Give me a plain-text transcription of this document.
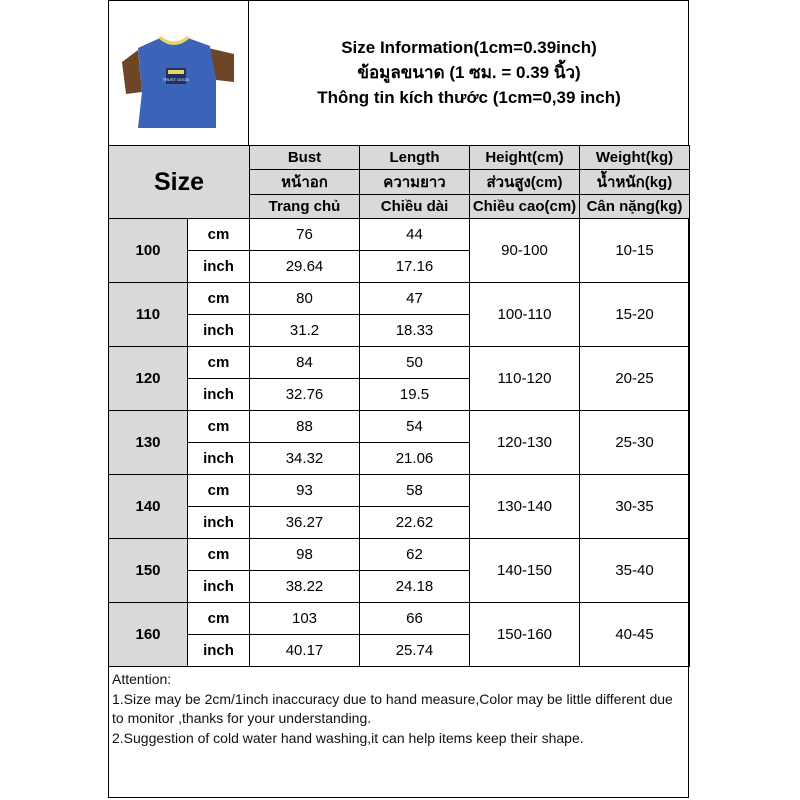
TRUST GOOD
Size Information(1cm=0.39inch)
ข้อมูลขนาด (1 ซม. = 0.39 นิ้ว)
Thông tin kích thước (1cm=0,39 inch)
Size		Bust	Length	Height(cm)	Weight(kg)
		หน้าอก	ความยาว	ส่วนสูง(cm)	น้ำหนัก(kg)
		Trang chủ	Chiều dài	Chiều cao(cm)	Cân nặng(kg)
100	cm	76	44	90-100	10-15
	inch	29.64	17.16		
110	cm	80	47	100-110	15-20
	inch	31.2	18.33		
120	cm	84	50	110-120	20-25
	inch	32.76	19.5		
130	cm	88	54	120-130	25-30
	inch	34.32	21.06		
140	cm	93	58	130-140	30-35
	inch	36.27	22.62		
150	cm	98	62	140-150	35-40
	inch	38.22	24.18		
160	cm	103	66	150-160	40-45
	inch	40.17	25.74		
Attention:
1.Size may be 2cm/1inch inaccuracy due to hand measure,Color may be little different due to monitor ,thanks for your understanding.
2.Suggestion of cold water hand washing,it can help items keep their shape.
